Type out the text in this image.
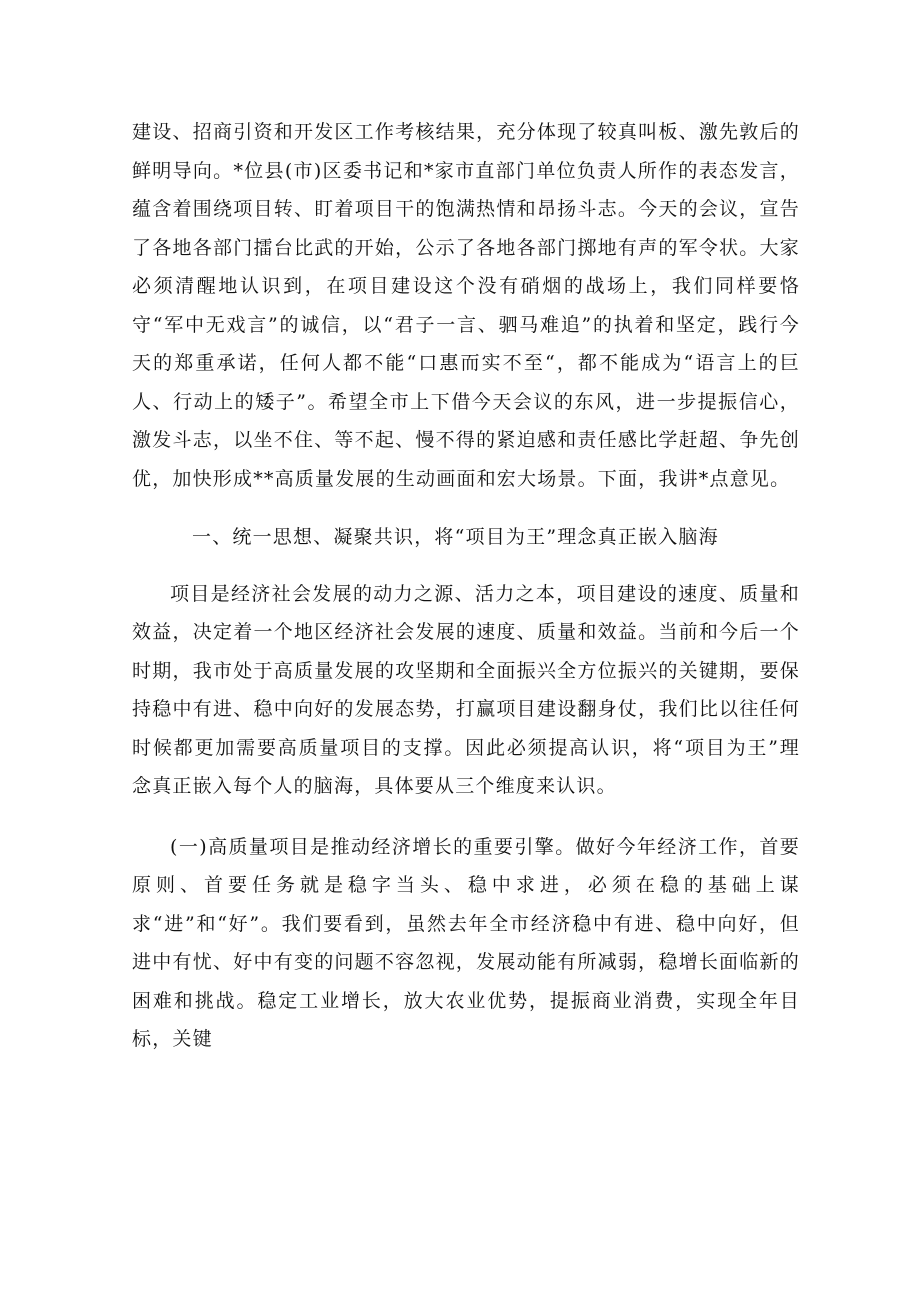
建设、招商引资和开发区工作考核结果，充分体现了较真叫板、激先敦后的鲜明导向。*位县(市)区委书记和*家市直部门单位负责人所作的表态发言，蕴含着围绕项目转、盯着项目干的饱满热情和昂扬斗志。今天的会议，宣告了各地各部门擂台比武的开始，公示了各地各部门掷地有声的军令状。大家必须清醒地认识到，在项目建设这个没有硝烟的战场上，我们同样要恪守“军中无戏言”的诚信，以“君子一言、驷马难追”的执着和坚定，践行今天的郑重承诺，任何人都不能“口惠而实不至“，都不能成为“语言上的巨人、行动上的矮子”。希望全市上下借今天会议的东风，进一步提振信心，激发斗志，以坐不住、等不起、慢不得的紧迫感和责任感比学赶超、争先创优，加快形成**高质量发展的生动画面和宏大场景。下面，我讲*点意见。

一、统一思想、凝聚共识，将“项目为王”理念真正嵌入脑海

项目是经济社会发展的动力之源、活力之本，项目建设的速度、质量和效益，决定着一个地区经济社会发展的速度、质量和效益。当前和今后一个时期，我市处于高质量发展的攻坚期和全面振兴全方位振兴的关键期，要保持稳中有进、稳中向好的发展态势，打赢项目建设翻身仗，我们比以往任何时候都更加需要高质量项目的支撑。因此必须提高认识，将“项目为王”理念真正嵌入每个人的脑海，具体要从三个维度来认识。

(一)高质量项目是推动经济增长的重要引擎。做好今年经济工作，首要原则、首要任务就是稳字当头、稳中求进，必须在稳的基础上谋求“进”和“好”。我们要看到，虽然去年全市经济稳中有进、稳中向好，但进中有忧、好中有变的问题不容忽视，发展动能有所减弱，稳增长面临新的困难和挑战。稳定工业增长，放大农业优势，提振商业消费，实现全年目标，关键
